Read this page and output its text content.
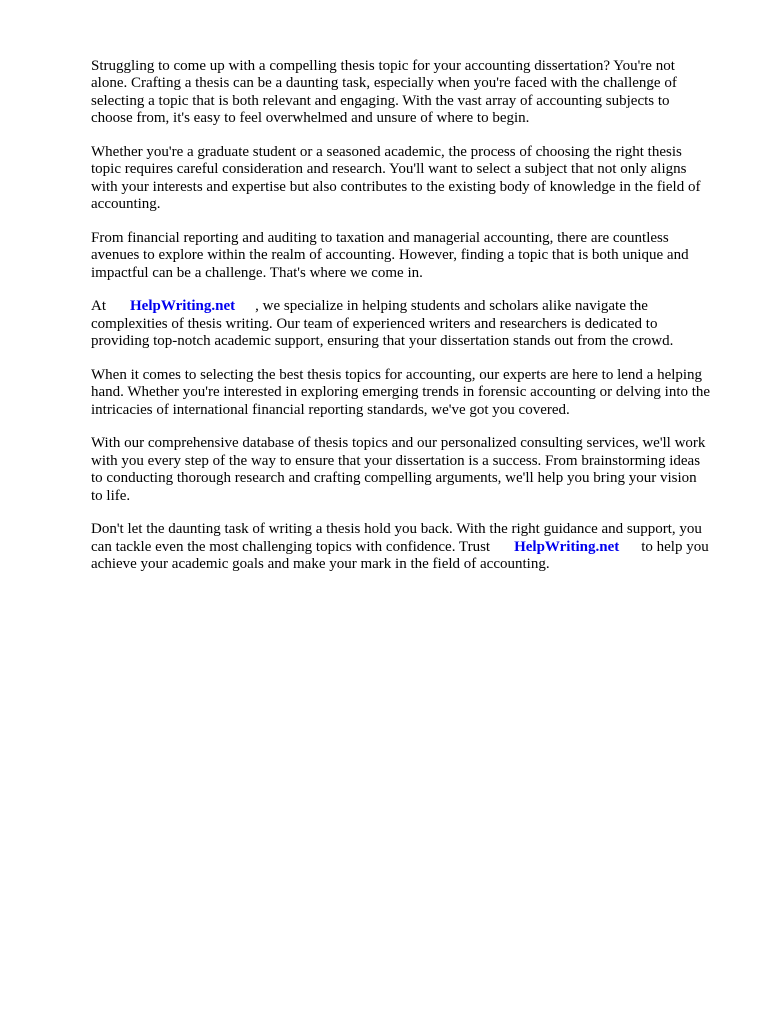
Struggling to come up with a compelling thesis topic for your accounting dissertation? You're not alone. Crafting a thesis can be a daunting task, especially when you're faced with the challenge of selecting a topic that is both relevant and engaging. With the vast array of accounting subjects to choose from, it's easy to feel overwhelmed and unsure of where to begin.

Whether you're a graduate student or a seasoned academic, the process of choosing the right thesis topic requires careful consideration and research. You'll want to select a subject that not only aligns with your interests and expertise but also contributes to the existing body of knowledge in the field of accounting.

From financial reporting and auditing to taxation and managerial accounting, there are countless avenues to explore within the realm of accounting. However, finding a topic that is both unique and impactful can be a challenge. That's where we come in.

At HelpWriting.net , we specialize in helping students and scholars alike navigate the complexities of thesis writing. Our team of experienced writers and researchers is dedicated to providing top-notch academic support, ensuring that your dissertation stands out from the crowd.

When it comes to selecting the best thesis topics for accounting, our experts are here to lend a helping hand. Whether you're interested in exploring emerging trends in forensic accounting or delving into the intricacies of international financial reporting standards, we've got you covered.

With our comprehensive database of thesis topics and our personalized consulting services, we'll work with you every step of the way to ensure that your dissertation is a success. From brainstorming ideas to conducting thorough research and crafting compelling arguments, we'll help you bring your vision to life.

Don't let the daunting task of writing a thesis hold you back. With the right guidance and support, you can tackle even the most challenging topics with confidence. Trust HelpWriting.net to help you achieve your academic goals and make your mark in the field of accounting.
